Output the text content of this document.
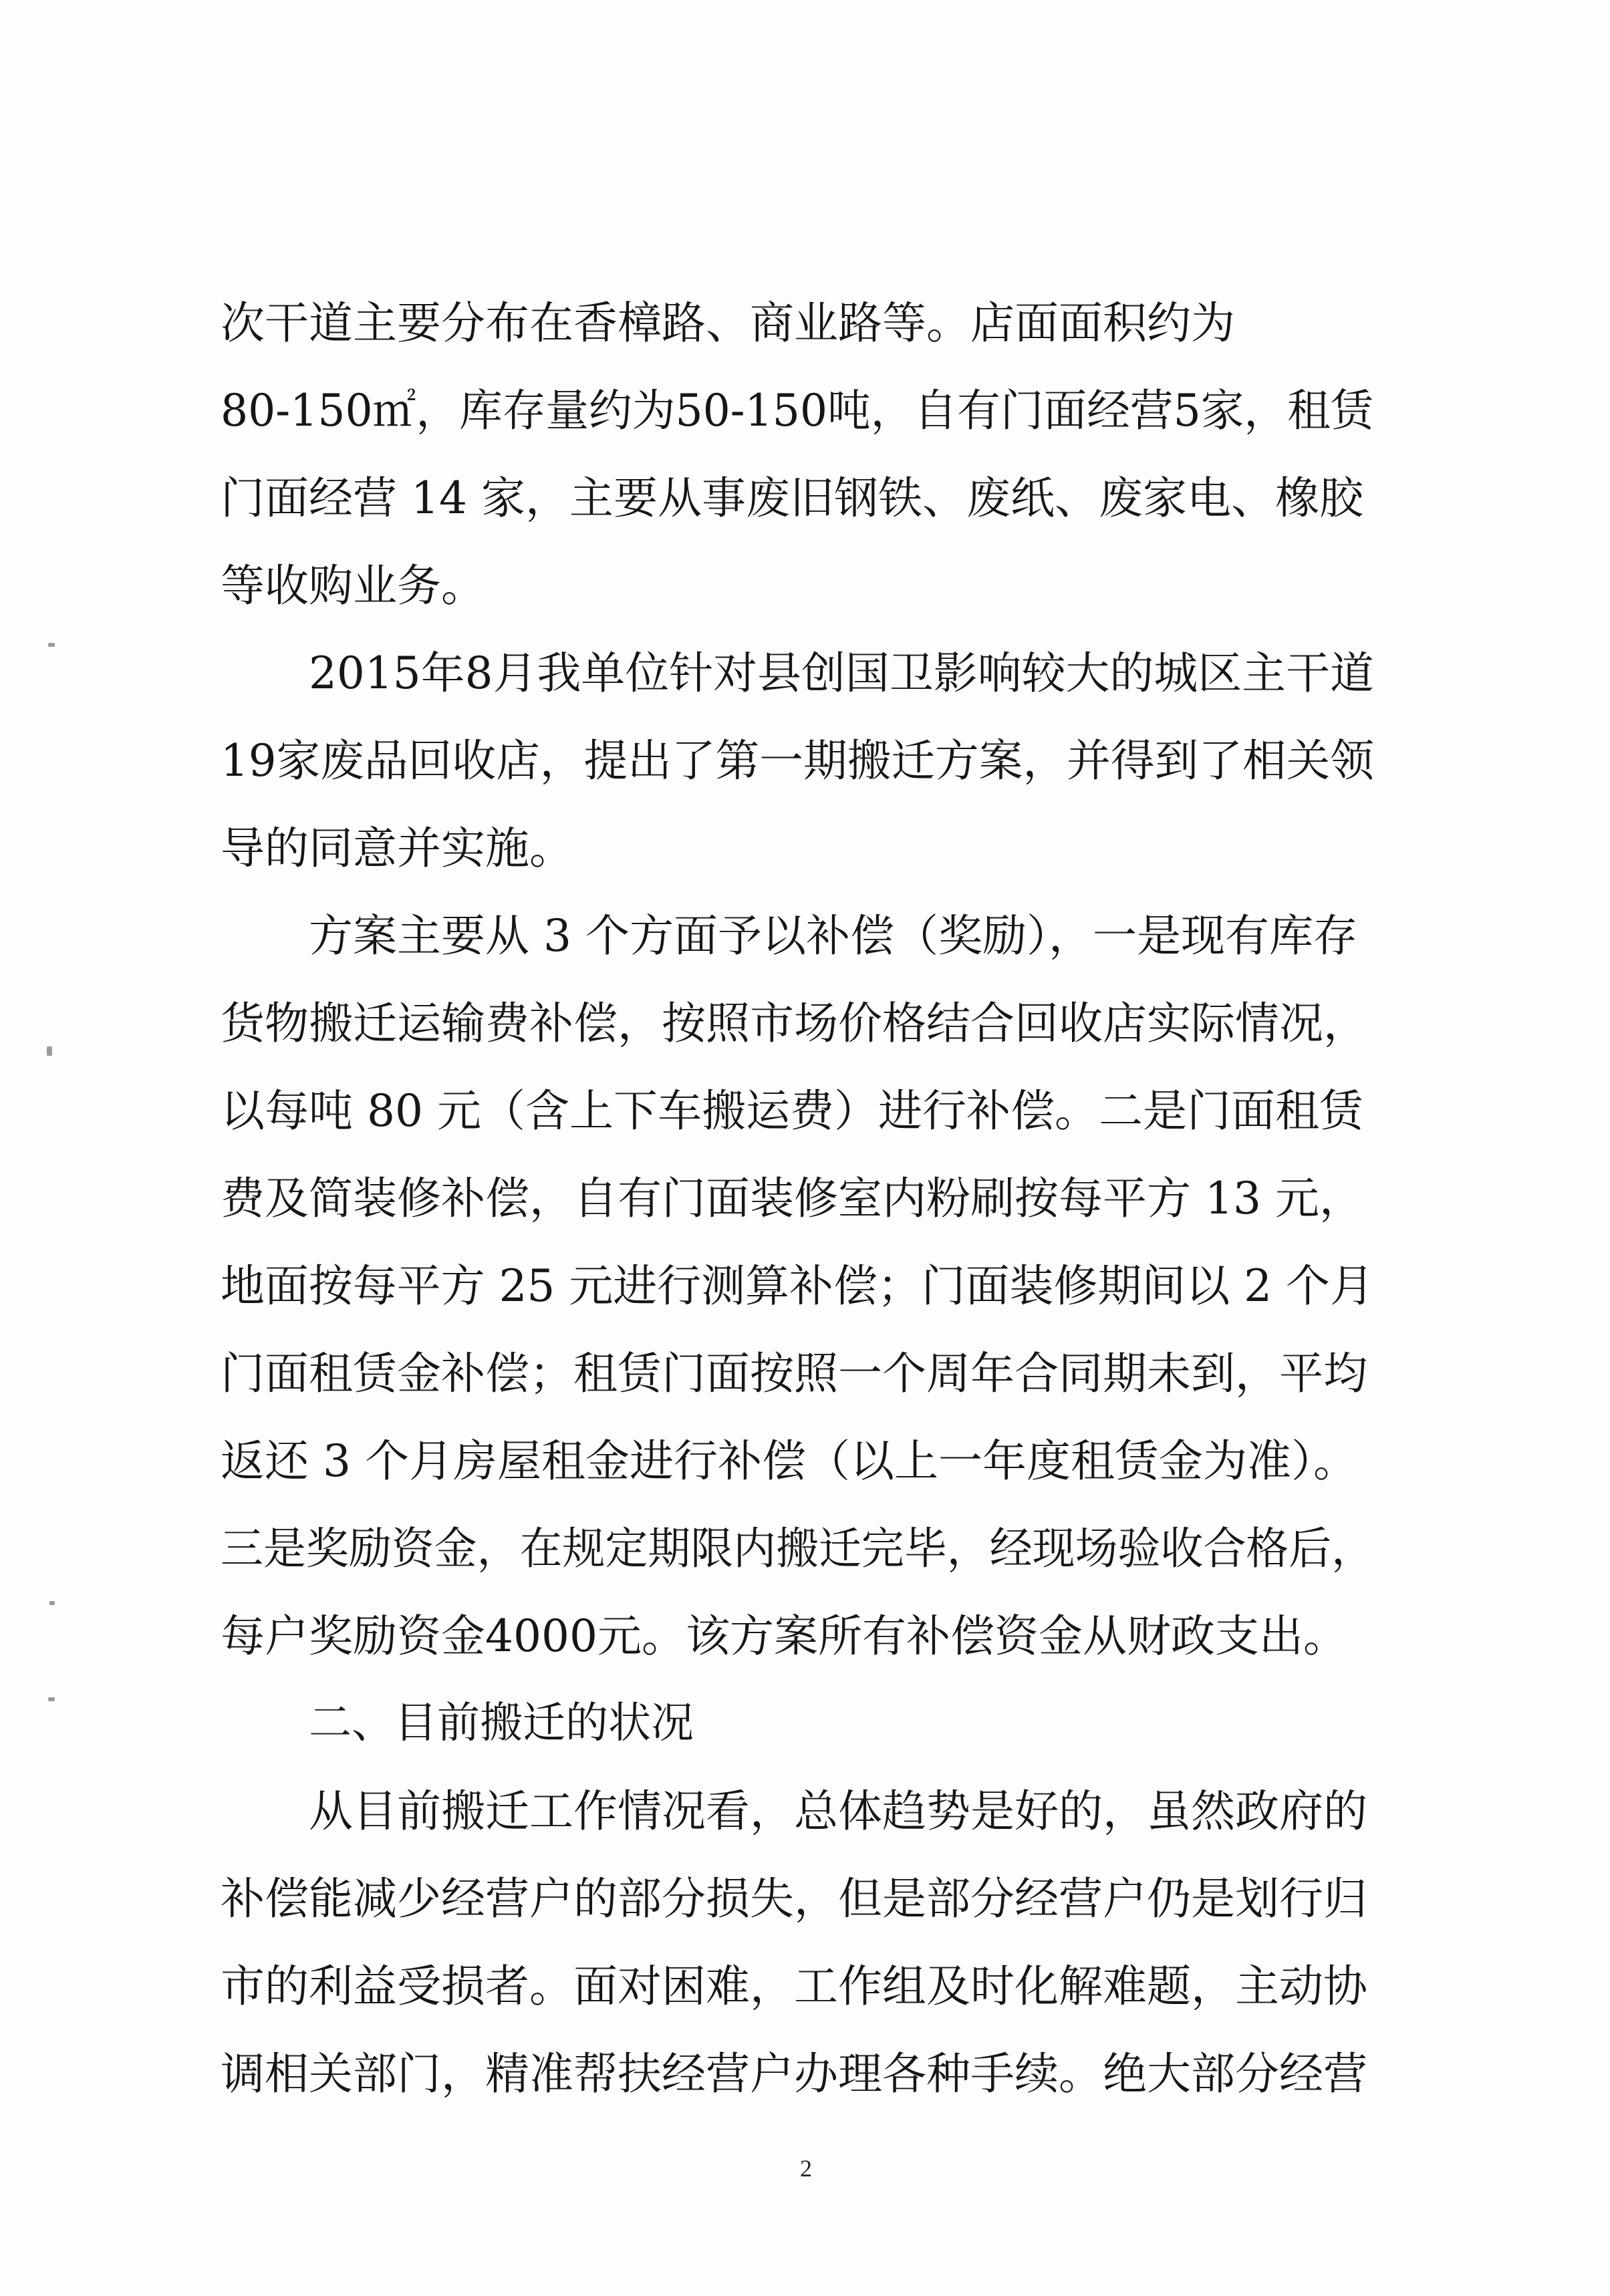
次干道主要分布在香樟路、商业路等。店面面积约为
80-150㎡，库存量约为50-150吨，自有门面经营5家，租赁
门面经营 14 家，主要从事废旧钢铁、废纸、废家电、橡胶
等收购业务。
2015年8月我单位针对县创国卫影响较大的城区主干道
19家废品回收店，提出了第一期搬迁方案，并得到了相关领
导的同意并实施。
方案主要从 3 个方面予以补偿（奖励），一是现有库存
货物搬迁运输费补偿，按照市场价格结合回收店实际情况，
以每吨 80 元（含上下车搬运费）进行补偿。二是门面租赁
费及简装修补偿，自有门面装修室内粉刷按每平方 13 元，
地面按每平方 25 元进行测算补偿；门面装修期间以 2 个月
门面租赁金补偿；租赁门面按照一个周年合同期未到，平均
返还 3 个月房屋租金进行补偿（以上一年度租赁金为准）。
三是奖励资金，在规定期限内搬迁完毕，经现场验收合格后，
每户奖励资金4000元。该方案所有补偿资金从财政支出。
二、目前搬迁的状况
从目前搬迁工作情况看，总体趋势是好的，虽然政府的
补偿能减少经营户的部分损失，但是部分经营户仍是划行归
市的利益受损者。面对困难，工作组及时化解难题，主动协
调相关部门，精准帮扶经营户办理各种手续。绝大部分经营
2
